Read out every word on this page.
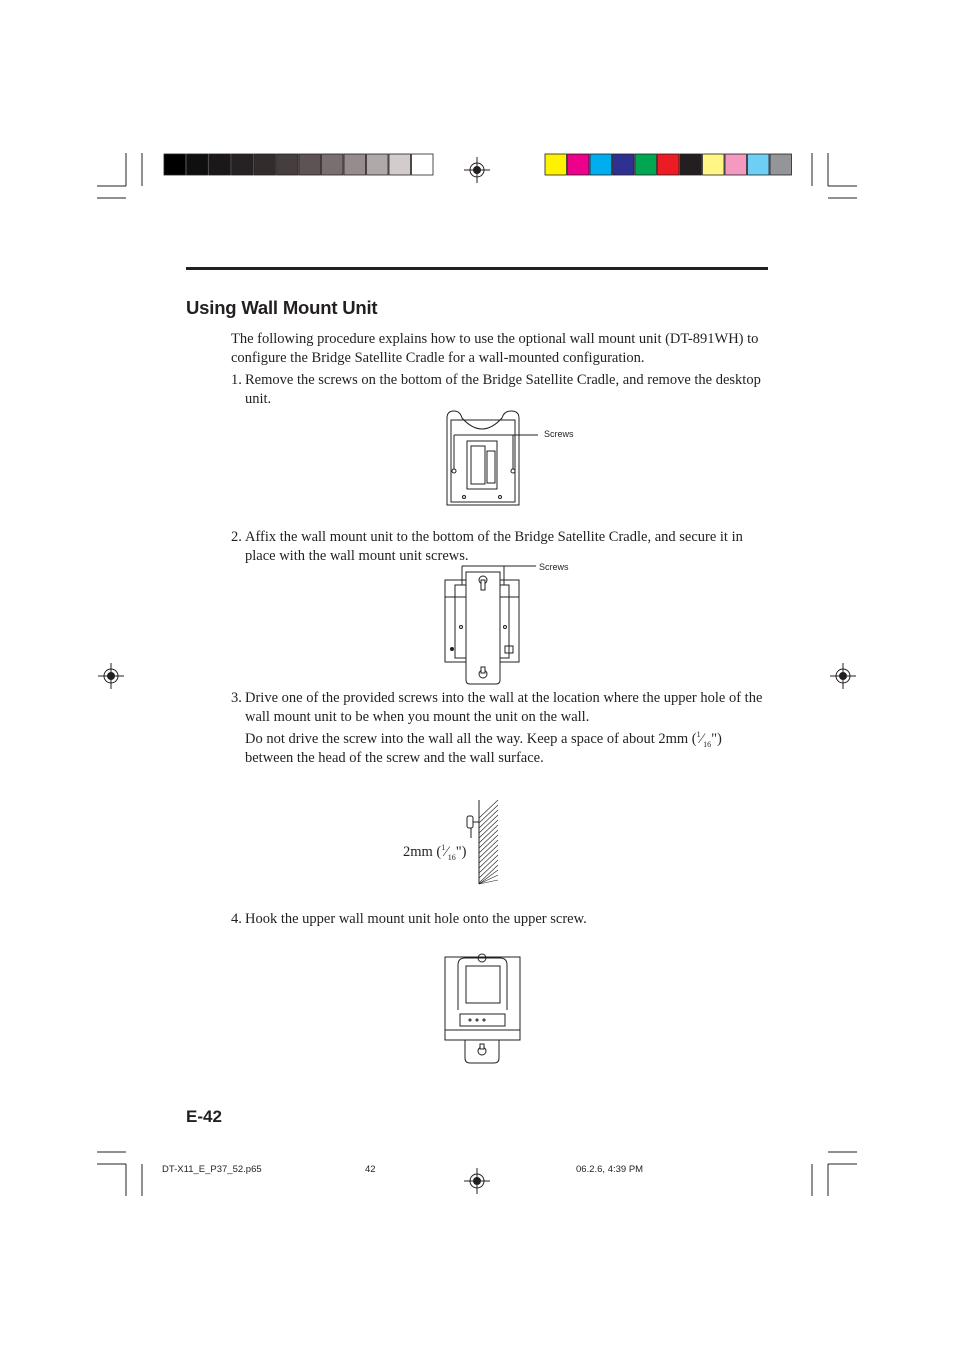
Using Wall Mount Unit
The following procedure explains how to use the optional wall mount unit (DT-891WH) to configure the Bridge Satellite Cradle for a wall-mounted configuration.
1. Remove the screws on the bottom of the Bridge Satellite Cradle, and remove the desktop unit.
Screws
2. Affix the wall mount unit to the bottom of the Bridge Satellite Cradle, and secure it in place with the wall mount unit screws.
Screws
3. Drive one of the provided screws into the wall at the location where the upper hole of the wall mount unit to be when you mount the unit on the wall.
Do not drive the screw into the wall all the way. Keep a space of about 2mm $(^1⁄_{16}")$ between the head of the screw and the wall surface.
2mm $(^1⁄_{16}")$
4. Hook the upper wall mount unit hole onto the upper screw.
E-42
DT-X11_E_P37_52.p65	42	06.2.6, 4:39 PM
